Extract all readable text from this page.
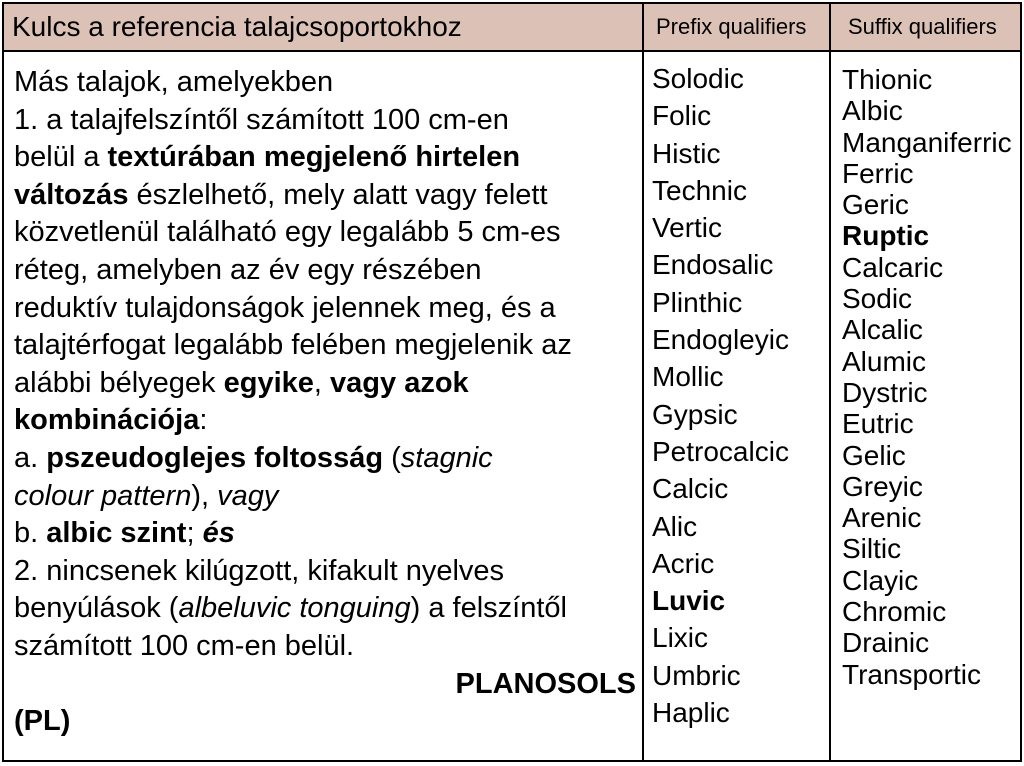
Kulcs a referencia talajcsoportokhoz	Prefix qualifiers Suffix qualifiers
Más talajok, amelyekben
1. a talajfelszíntől számított 100 cm-en
belül a textúrában megjelenő hirtelen
változás észlelhető, mely alatt vagy felett
közvetlenül található egy legalább 5 cm-es
réteg, amelyben az év egy részében
reduktív tulajdonságok jelennek meg, és a
talajtérfogat legalább felében megjelenik az
alábbi bélyegek egyike, vagy azok
kombinációja:
a. pszeudoglejes foltosság (stagnic
colour pattern), vagy
b. albic szint; és
2. nincsenek kilúgzott, kifakult nyelves
benyúlások (albeluvic tonguing) a felszíntől
számított 100 cm-en belül.
PLANOSOLS
(PL)
Solodic
Folic
Histic
Technic
Vertic
Endosalic
Plinthic
Endogleyic
Mollic
Gypsic
Petrocalcic
Calcic
Alic
Acric
Luvic
Lixic
Umbric
Haplic
Thionic
Albic
Manganiferric
Ferric
Geric
Ruptic
Calcaric
Sodic
Alcalic
Alumic
Dystric
Eutric
Gelic
Greyic
Arenic
Siltic
Clayic
Chromic
Drainic
Transportic
